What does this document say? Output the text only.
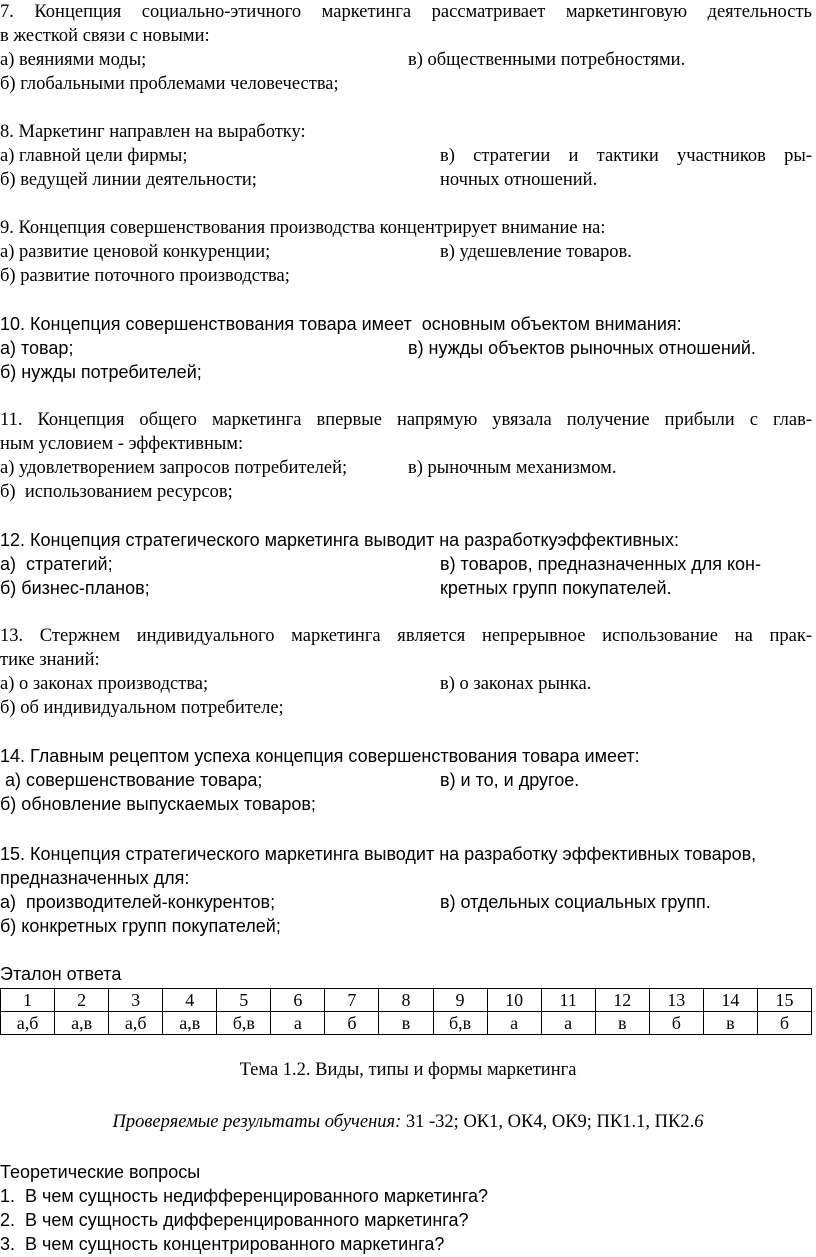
7. Концепция социально-этичного маркетинга рассматривает маркетинговую деятельность
в жесткой связи с новыми:
а) веяниями моды;	в) общественными потребностями.
б) глобальными проблемами человечества;
8. Маркетинг направлен на выработку:
а) главной цели фирмы;	в) стратегии и тактики участников ры-
б) ведущей линии деятельности;	ночных отношений.
9. Концепция совершенствования производства концентрирует внимание на:
а) развитие ценовой конкуренции;	в) удешевление товаров.
б) развитие поточного производства;
10. Концепция совершенствования товара имеет  основным объектом внимания:
а) товар;	в) нужды объектов рыночных отношений.
б) нужды потребителей;
11. Концепция общего маркетинга впервые напрямую увязала получение прибыли с глав-
ным условием - эффективным:
а) удовлетворением запросов потребителей;	в) рыночным механизмом.
б)  использованием ресурсов;
12. Концепция стратегического маркетинга выводит на разработкуэффективных:
а)  стратегий;	в) товаров, предназначенных для кон-
б) бизнес-планов;	кретных групп покупателей.
13. Стержнем индивидуального маркетинга является непрерывное использование на прак-
тике знаний:
а) о законах производства;	в) о законах рынка.
б) об индивидуальном потребителе;
14. Главным рецептом успеха концепция совершенствования товара имеет:
а) совершенствование товара;	в) и то, и другое.
б) обновление выпускаемых товаров;
15. Концепция стратегического маркетинга выводит на разработку эффективных товаров,
предназначенных для:
а)  производителей-конкурентов;	в) отдельных социальных групп.
б) конкретных групп покупателей;
Эталон ответа
1	2	3	4	5	6	7	8	9	10	11	12	13	14	15
а,б	а,в	а,б	а,в	б,в	а	б	в	б,в	а	а	в	б	в	б
Тема 1.2. Виды, типы и формы маркетинга
Проверяемые результаты обучения: 31 -32; ОК1, ОК4, ОК9; ПК1.1, ПК2.6
Теоретические вопросы
1.  В чем сущность недифференцированного маркетинга?
2.  В чем сущность дифференцированного маркетинга?
3.  В чем сущность концентрированного маркетинга?
